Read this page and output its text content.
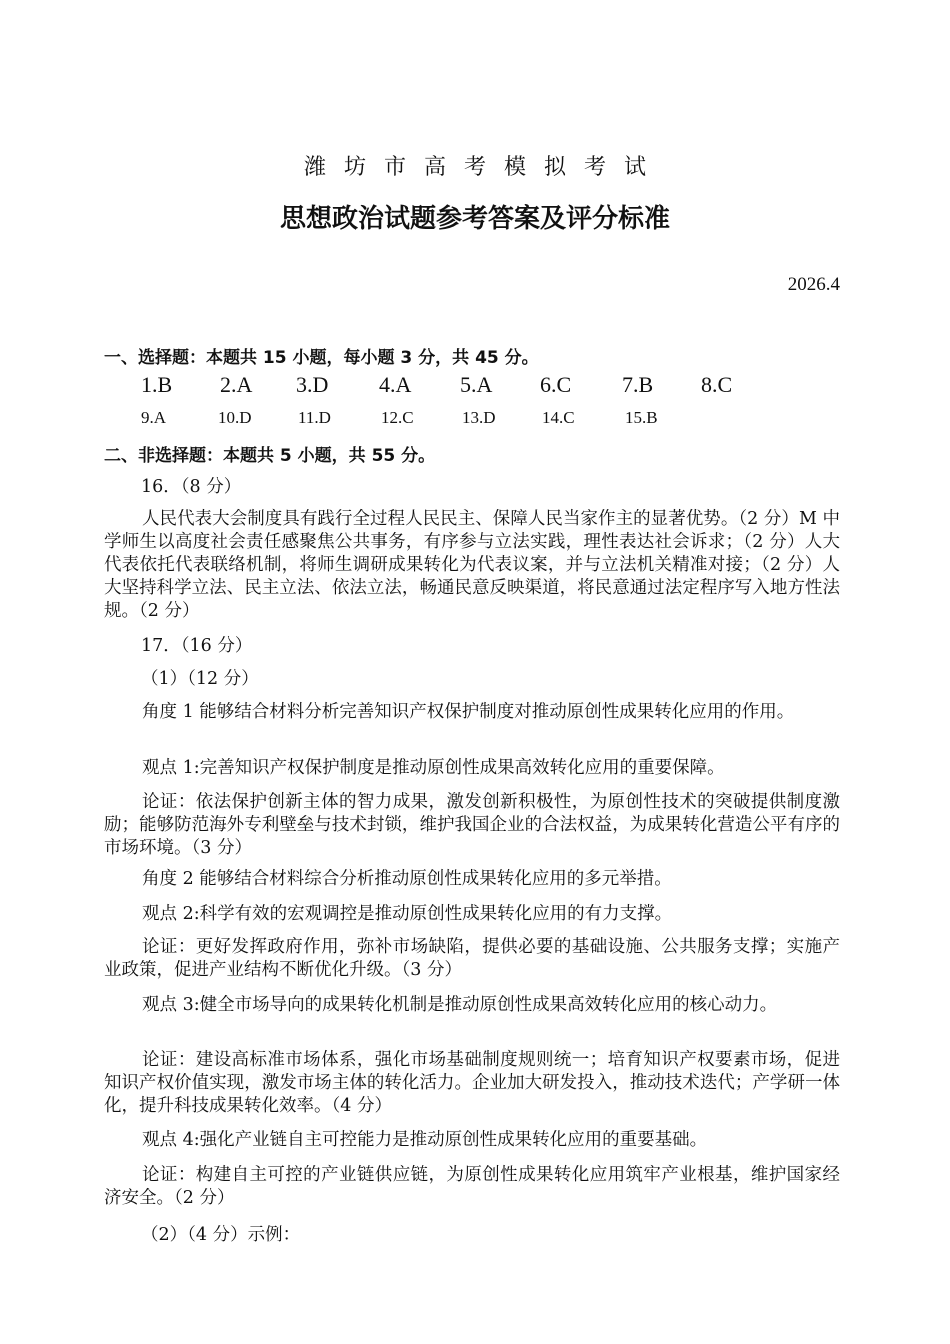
潍坊市高考模拟考试
思想政治试题参考答案及评分标准
2026.4
一、选择题：本题共 15 小题，每小题 3 分，共 45 分。
1.B 2.A 3.D 4.A 5.A 6.C 7.B 8.C
9.A	10.D	11.D	12.C	13.D	14.C	15.B
二、非选择题：本题共 5 小题，共 55 分。
16．（8 分）
人民代表大会制度具有践行全过程人民民主、保障人民当家作主的显著优势。（2 分）M 中学师生以高度社会责任感聚焦公共事务，有序参与立法实践，理性表达社会诉求；（2 分）人大代表依托代表联络机制，将师生调研成果转化为代表议案，并与立法机关精准对接；（2 分）人大坚持科学立法、民主立法、依法立法，畅通民意反映渠道，将民意通过法定程序写入地方性法规。（2 分）
17．（16 分）
（1）（12 分）
角度 1 能够结合材料分析完善知识产权保护制度对推动原创性成果转化应用的作用。
观点 1:完善知识产权保护制度是推动原创性成果高效转化应用的重要保障。
论证：依法保护创新主体的智力成果，激发创新积极性，为原创性技术的突破提供制度激励；能够防范海外专利壁垒与技术封锁，维护我国企业的合法权益，为成果转化营造公平有序的市场环境。（3 分）
角度 2 能够结合材料综合分析推动原创性成果转化应用的多元举措。
观点 2:科学有效的宏观调控是推动原创性成果转化应用的有力支撑。
论证：更好发挥政府作用，弥补市场缺陷，提供必要的基础设施、公共服务支撑；实施产业政策，促进产业结构不断优化升级。（3 分）
观点 3:健全市场导向的成果转化机制是推动原创性成果高效转化应用的核心动力。
论证：建设高标准市场体系，强化市场基础制度规则统一；培育知识产权要素市场，促进知识产权价值实现，激发市场主体的转化活力。企业加大研发投入，推动技术迭代；产学研一体化，提升科技成果转化效率。（4 分）
观点 4:强化产业链自主可控能力是推动原创性成果转化应用的重要基础。
论证：构建自主可控的产业链供应链，为原创性成果转化应用筑牢产业根基，维护国家经济安全。（2 分）
（2）（4 分）示例：
